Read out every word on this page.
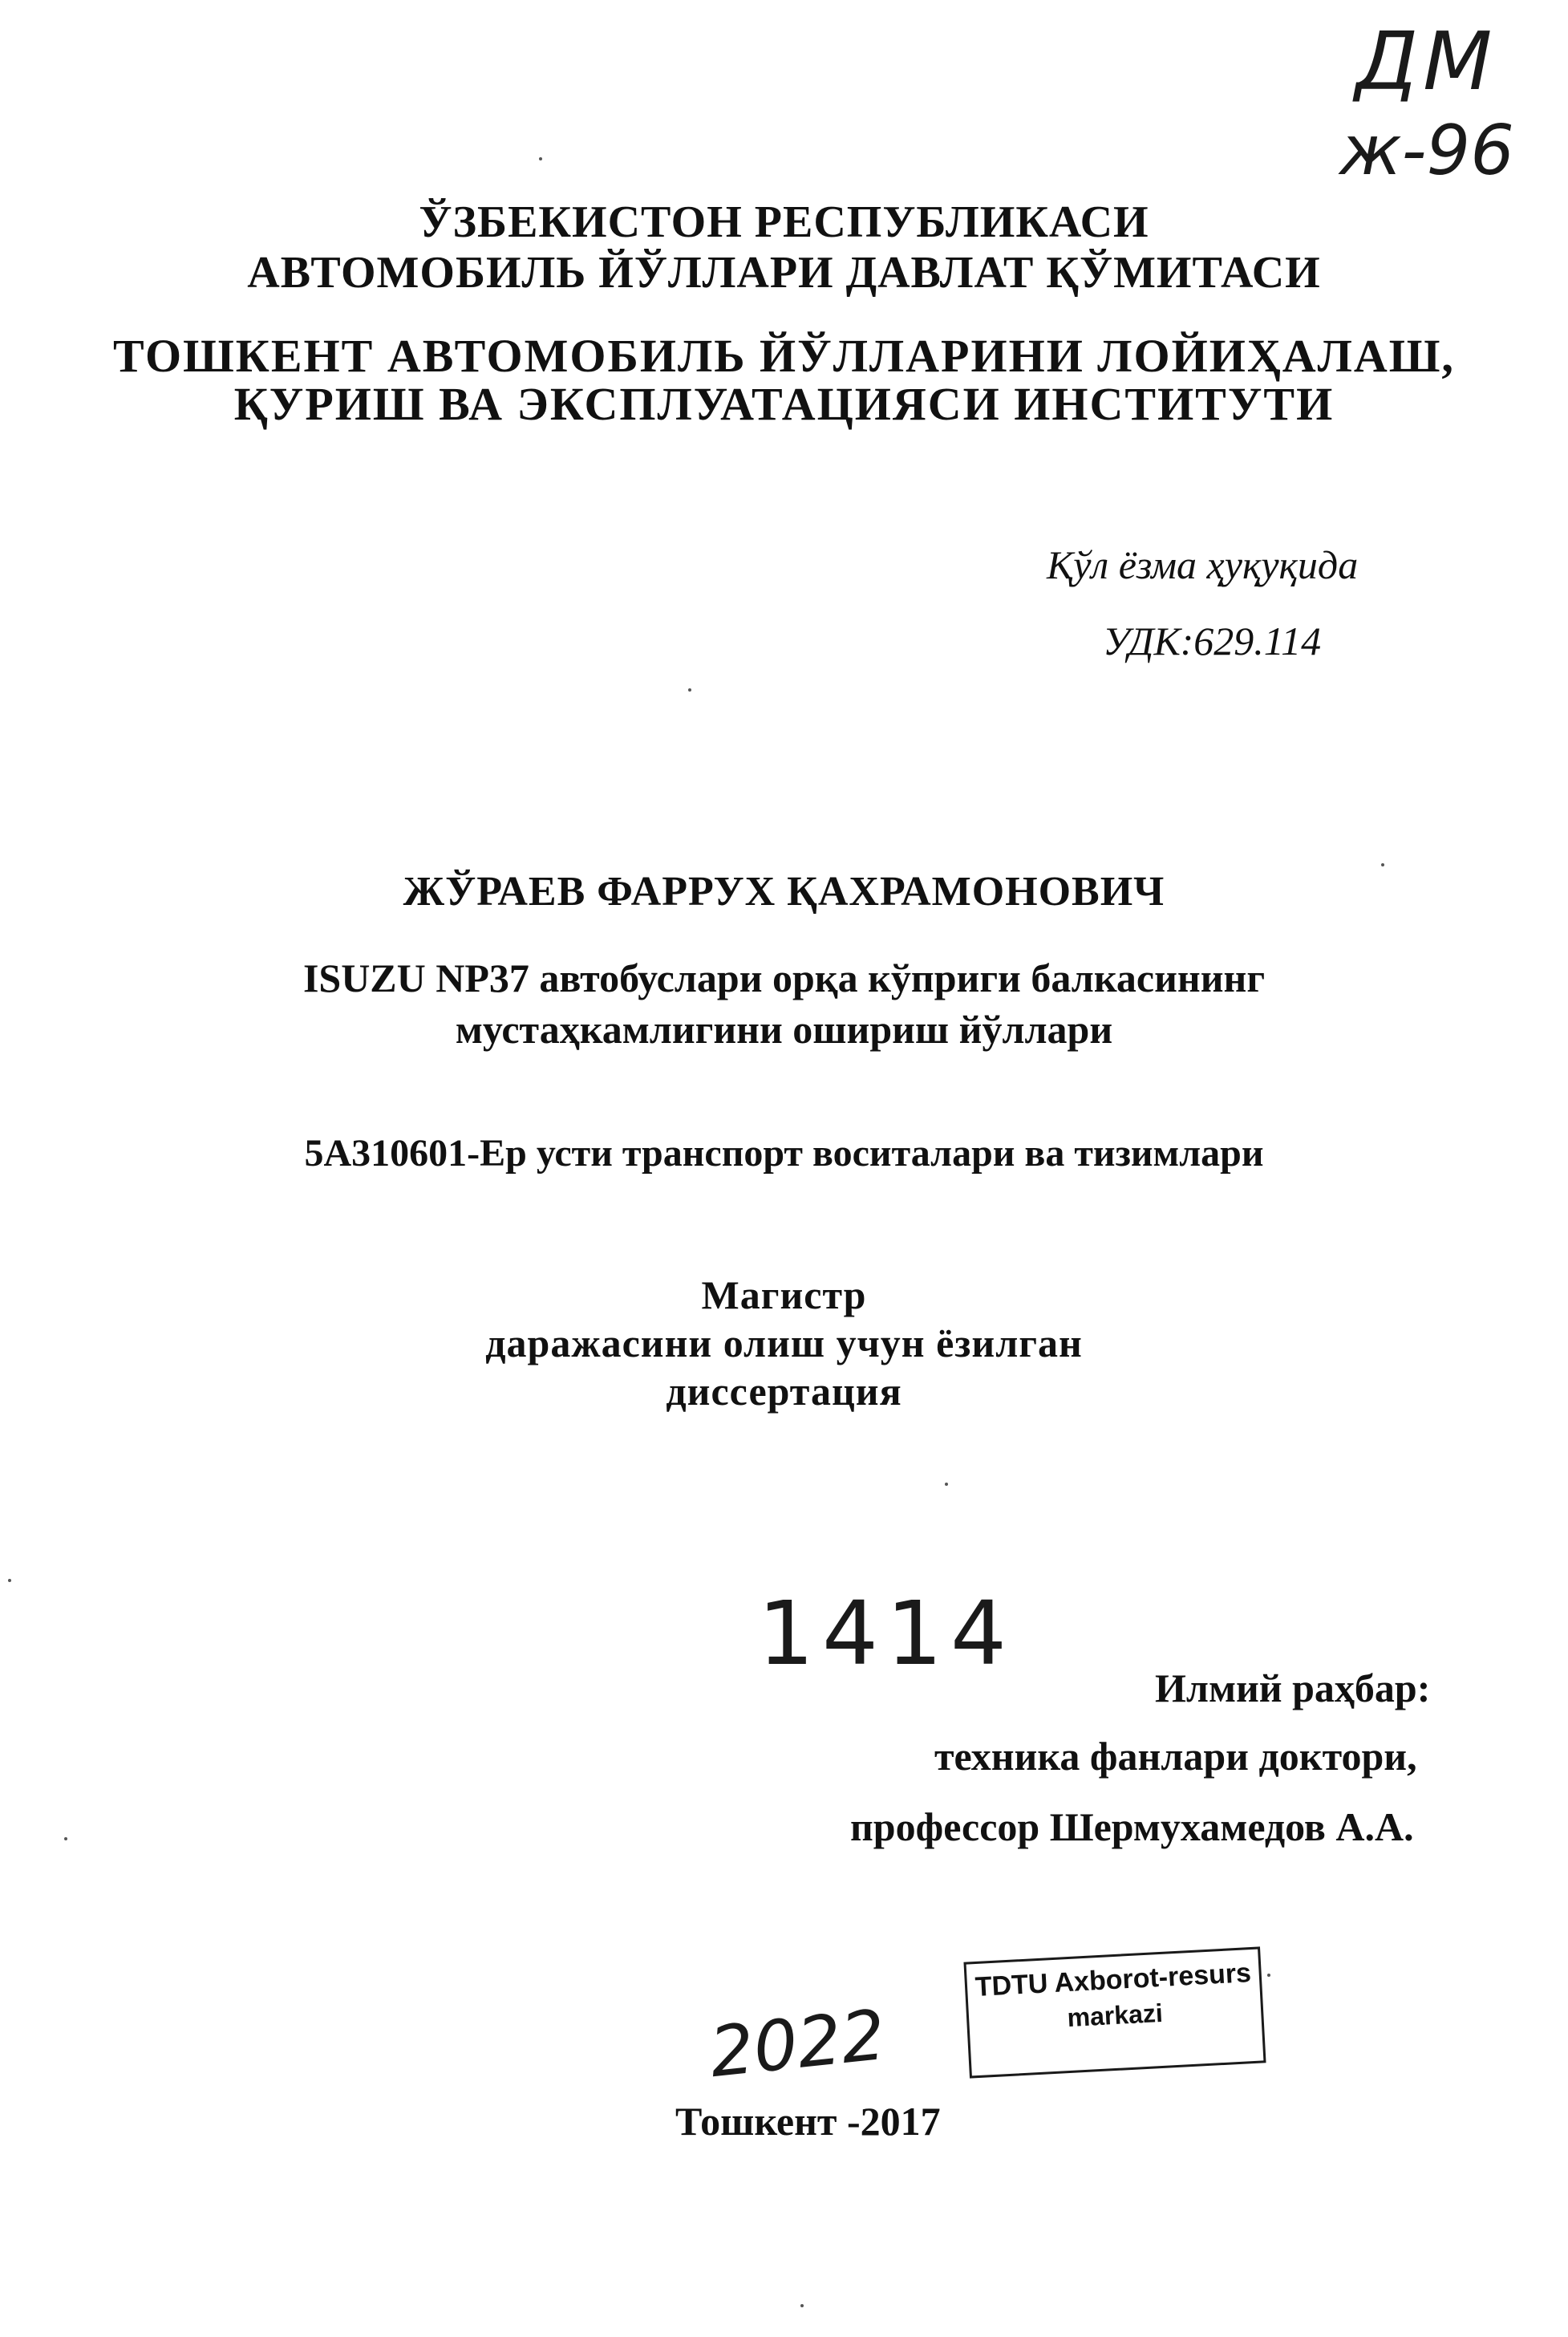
ДМ
ж-96
ЎЗБЕКИСТОН РЕСПУБЛИКАСИ
АВТОМОБИЛЬ ЙЎЛЛАРИ ДАВЛАТ ҚЎМИТАСИ
ТОШКЕНТ АВТОМОБИЛЬ ЙЎЛЛАРИНИ ЛОЙИҲАЛАШ,
ҚУРИШ ВА ЭКСПЛУАТАЦИЯСИ ИНСТИТУТИ
Қўл ёзма ҳуқуқида
УДК:629.114
ЖЎРАЕВ ФАРРУХ ҚАХРАМОНОВИЧ
ISUZU NP37 автобуслари орқа кўприги балкасининг
мустаҳкамлигини ошириш йўллари
5А310601-Ер усти транспорт воситалари ва тизимлари
Магистр
даражасини олиш учун ёзилган
диссертация
1414
Илмий раҳбар:
техника фанлари доктори,
профессор Шермухамедов А.А.
TDTU Axborot-resurs
markazi
2022
Тошкент -2017
